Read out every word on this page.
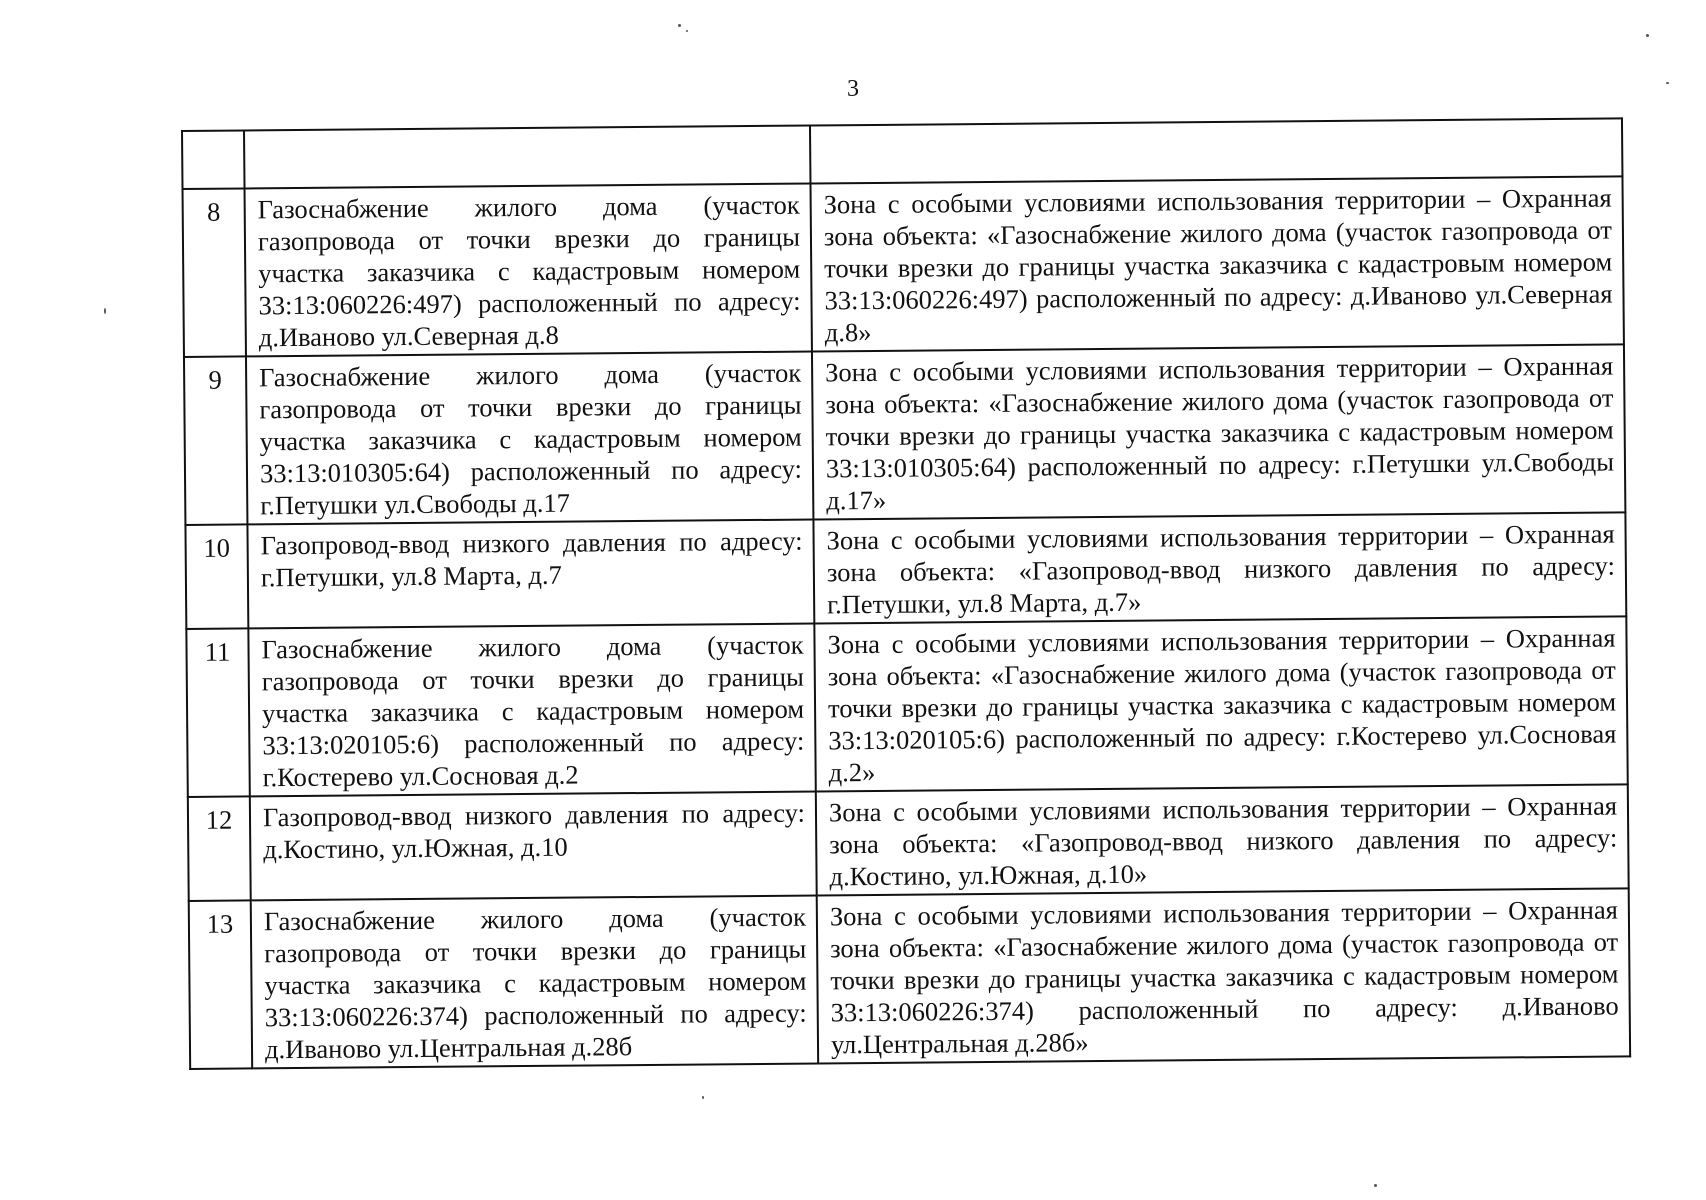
3

8	Газоснабжение жилого дома (участок газопровода от точки врезки до границы участка заказчика с кадастровым номером 33:13:060226:497) расположенный по адресу: д.Иваново ул.Северная д.8	Зона с особыми условиями использования территории – Охранная зона объекта: «Газоснабжение жилого дома (участок газопровода от точки врезки до границы участка заказчика с кадастровым номером 33:13:060226:497) расположенный по адресу: д.Иваново ул.Северная д.8»
9	Газоснабжение жилого дома (участок газопровода от точки врезки до границы участка заказчика с кадастровым номером 33:13:010305:64) расположенный по адресу: г.Петушки ул.Свободы д.17	Зона с особыми условиями использования территории – Охранная зона объекта: «Газоснабжение жилого дома (участок газопровода от точки врезки до границы участка заказчика с кадастровым номером 33:13:010305:64) расположенный по адресу: г.Петушки ул.Свободы д.17»
10	Газопровод-ввод низкого давления по адресу: г.Петушки, ул.8 Марта, д.7	Зона с особыми условиями использования территории – Охранная зона объекта: «Газопровод-ввод низкого давления по адресу: г.Петушки, ул.8 Марта, д.7»
11	Газоснабжение жилого дома (участок газопровода от точки врезки до границы участка заказчика с кадастровым номером 33:13:020105:6) расположенный по адресу: г.Костерево ул.Сосновая д.2	Зона с особыми условиями использования территории – Охранная зона объекта: «Газоснабжение жилого дома (участок газопровода от точки врезки до границы участка заказчика с кадастровым номером 33:13:020105:6) расположенный по адресу: г.Костерево ул.Сосновая д.2»
12	Газопровод-ввод низкого давления по адресу: д.Костино, ул.Южная, д.10	Зона с особыми условиями использования территории – Охранная зона объекта: «Газопровод-ввод низкого давления по адресу: д.Костино, ул.Южная, д.10»
13	Газоснабжение жилого дома (участок газопровода от точки врезки до границы участка заказчика с кадастровым номером 33:13:060226:374) расположенный по адресу: д.Иваново ул.Центральная д.28б	Зона с особыми условиями использования территории – Охранная зона объекта: «Газоснабжение жилого дома (участок газопровода от точки врезки до границы участка заказчика с кадастровым номером 33:13:060226:374) расположенный по адресу: д.Иваново ул.Центральная д.28б»
